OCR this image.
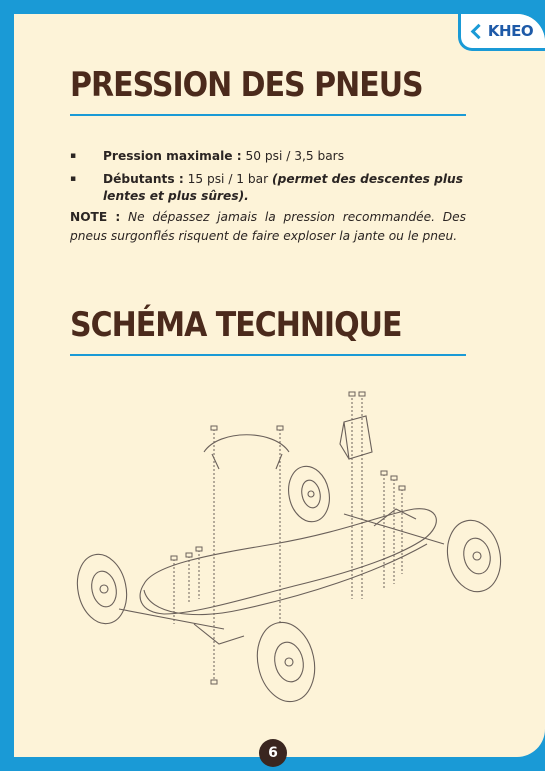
KHEO
PRESSION DES PNEUS
▪	Pression maximale : 50 psi / 3,5 bars
▪	Débutants : 15 psi / 1 bar (permet des descentes plus lentes et plus sûres).
NOTE : Ne dépassez jamais la pression recommandée. Des pneus surgonflés risquent de faire exploser la jante ou le pneu.
SCHÉMA TECHNIQUE
6
